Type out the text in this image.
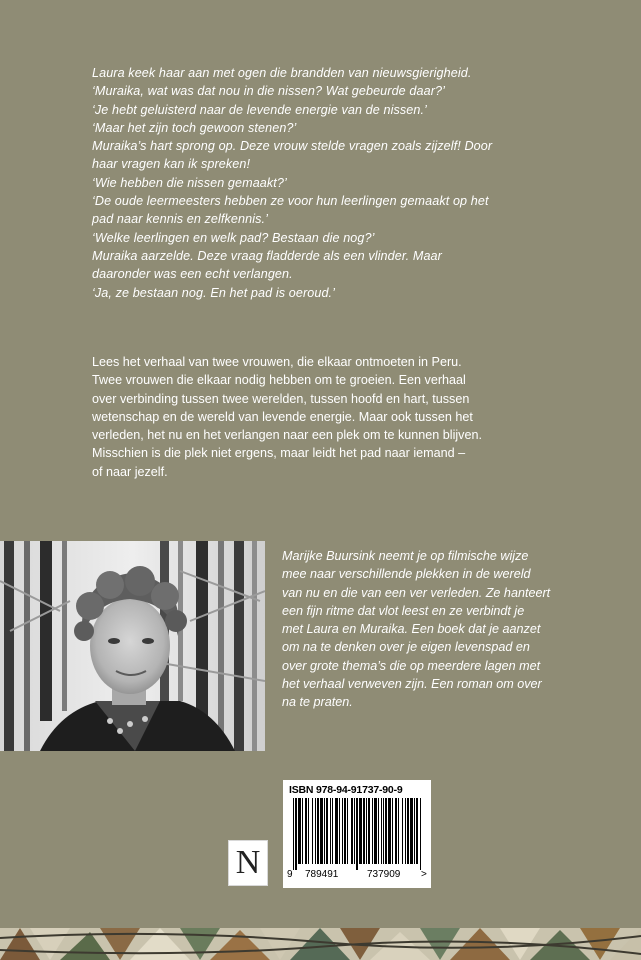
Laura keek haar aan met ogen die brandden van nieuwsgierigheid.
‘Muraika, wat was dat nou in die nissen? Wat gebeurde daar?’
‘Je hebt geluisterd naar de levende energie van de nissen.’
‘Maar het zijn toch gewoon stenen?’
Muraika’s hart sprong op. Deze vrouw stelde vragen zoals zijzelf! Door
haar vragen kan ik spreken!
‘Wie hebben die nissen gemaakt?’
‘De oude leermeesters hebben ze voor hun leerlingen gemaakt op het
pad naar kennis en zelfkennis.’
‘Welke leerlingen en welk pad? Bestaan die nog?’
Muraika aarzelde. Deze vraag fladderde als een vlinder. Maar
daaronder was een echt verlangen.
‘Ja, ze bestaan nog. En het pad is oeroud.’
Lees het verhaal van twee vrouwen, die elkaar ontmoeten in Peru.
Twee vrouwen die elkaar nodig hebben om te groeien. Een verhaal
over verbinding tussen twee werelden, tussen hoofd en hart, tussen
wetenschap en de wereld van levende energie. Maar ook tussen het
verleden, het nu en het verlangen naar een plek om te kunnen blijven.
Misschien is die plek niet ergens, maar leidt het pad naar iemand –
of naar jezelf.
Marijke Buursink neemt je op filmische wijze
mee naar verschillende plekken in de wereld
van nu en die van een ver verleden. Ze hanteert
een fijn ritme dat vlot leest en ze verbindt je
met Laura en Muraika. Een boek dat je aanzet
om na te denken over je eigen levenspad en
over grote thema’s die op meerdere lagen met
het verhaal verweven zijn. Een roman om over
na te praten.
N
ISBN 978-94-91737-90-9
9 789491	737909 >
